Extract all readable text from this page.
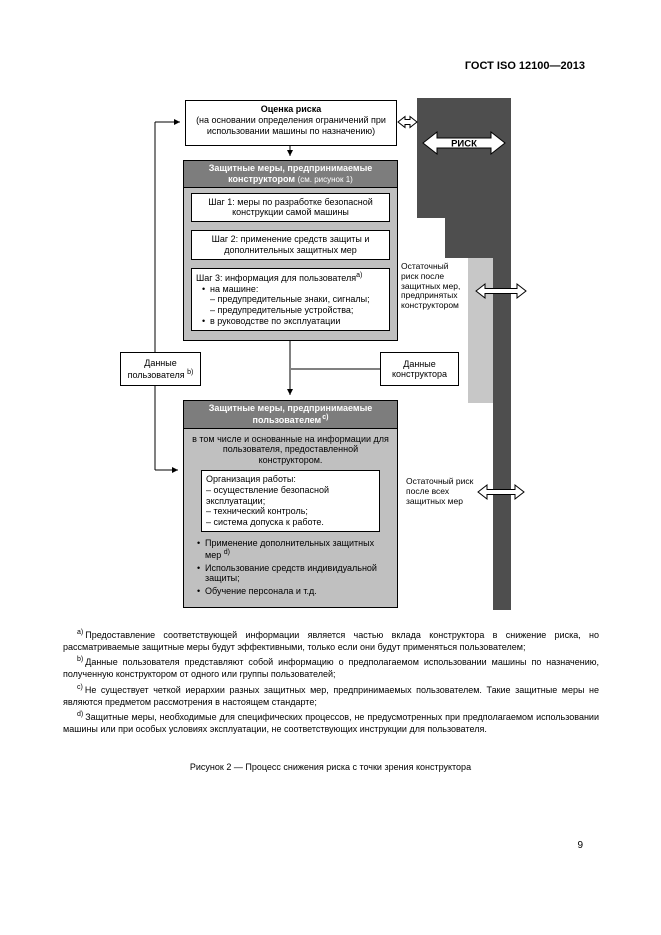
ГОСТ ISO 12100—2013
РИСК
Оценка риска
(на основании определения ограничений при использовании машины по назначению)
Защитные меры, предпринимаемые конструктором (см. рисунок 1)
Шаг 1: меры по разработке безопасной конструкции самой машины
Шаг 2: применение средств защиты и дополнительных защитных мер
Шаг 3: информация для пользователя$^{a)}$
• на машине:
– предупредительные знаки, сигналы;
– предупредительные устройства;
• в руководстве по эксплуатации
Данные пользователя $^{b)}$
Данные конструктора
Защитные меры, предпринимаемые пользователем$^{c)}$
в том числе и основанные на информации для пользователя, предоставленной конструктором.
Организация работы:
– осуществление безопасной эксплуатации;
– технический контроль;
– система допуска к работе.
• Применение дополнительных защитных мер $^{d)}$
• Использование средств индивидуальной защиты;
• Обучение персонала и т.д.
Остаточный риск после защитных мер, предпринятых конструктором
Остаточный риск после всех защитных мер

$^{a)}$ Предоставление соответствующей информации является частью вклада конструктора в снижение риска, но рассматриваемые защитные меры будут эффективными, только если они будут применяться пользователем;

$^{b)}$ Данные пользователя представляют собой информацию о предполагаемом использовании машины по назначению, полученную конструктором от одного или группы пользователей;

$^{c)}$ Не существует четкой иерархии разных защитных мер, предпринимаемых пользователем. Такие защитные меры не являются предметом рассмотрения в настоящем стандарте;

$^{d)}$ Защитные меры, необходимые для специфических процессов, не предусмотренных при предполагаемом использовании машины или при особых условиях эксплуатации, не соответствующих инструкции для пользователя.

Рисунок 2 — Процесс снижения риска с точки зрения конструктора
9
